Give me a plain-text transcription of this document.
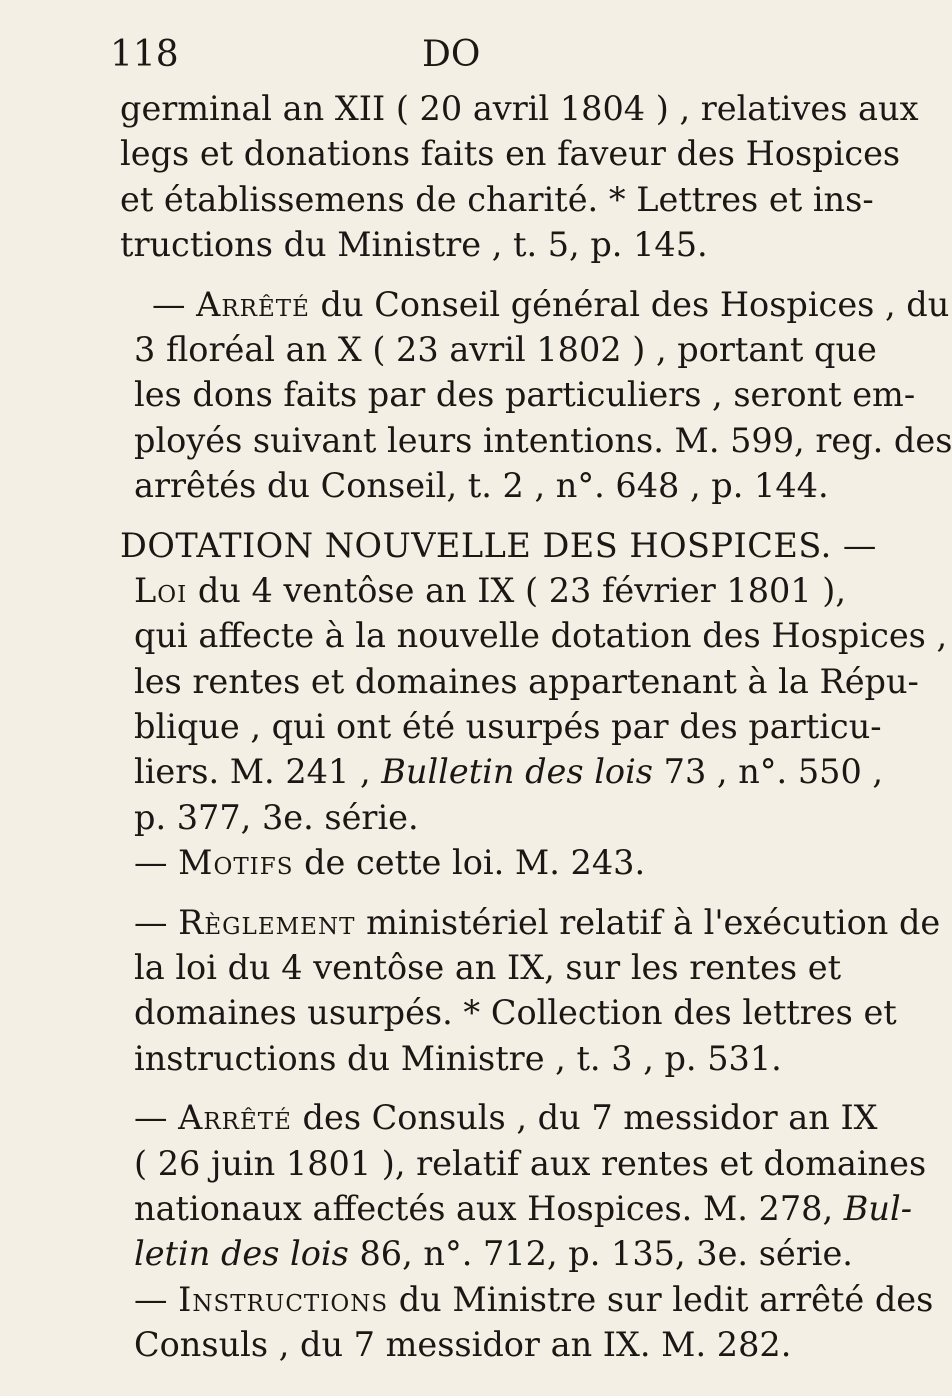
118	DO
germinal an XII ( 20 avril 1804 ) , relatives aux
legs et donations faits en faveur des Hospices
et établissemens de charité. * Lettres et ins-
tructions du Ministre , t. 5, p. 145.
— Arrêté du Conseil général des Hospices , du
3 floréal an X ( 23 avril 1802 ) , portant que
les dons faits par des particuliers , seront em-
ployés suivant leurs intentions. M. 599, reg. des
arrêtés du Conseil, t. 2 , n°. 648 , p. 144.
DOTATION NOUVELLE DES HOSPICES. —
Loi du 4 ventôse an IX ( 23 février 1801 ),
qui affecte à la nouvelle dotation des Hospices ,
les rentes et domaines appartenant à la Répu-
blique , qui ont été usurpés par des particu-
liers. M. 241 , Bulletin des lois 73 , n°. 550 ,
p. 377, 3e. série.
— Motifs de cette loi. M. 243.
— Règlement ministériel relatif à l'exécution de
la loi du 4 ventôse an IX, sur les rentes et
domaines usurpés. * Collection des lettres et
instructions du Ministre , t. 3 , p. 531.
— Arrêté des Consuls , du 7 messidor an IX
( 26 juin 1801 ), relatif aux rentes et domaines
nationaux affectés aux Hospices. M. 278, Bul-
letin des lois 86, n°. 712, p. 135, 3e. série.
— Instructions du Ministre sur ledit arrêté des
Consuls , du 7 messidor an IX. M. 282.
